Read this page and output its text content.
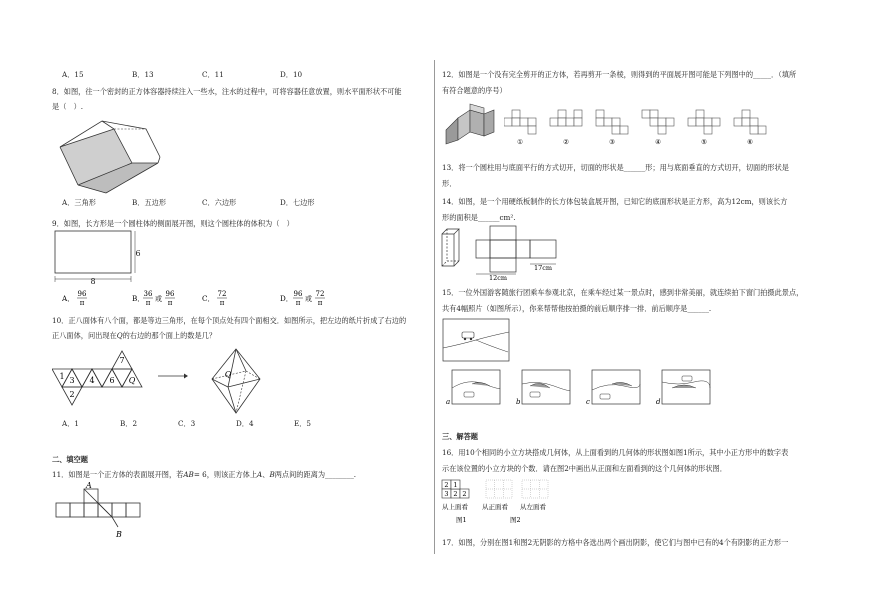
A．15	B．13	C．11	D．10
8．如图，往一个密封的正方体容器持续注入一些水，注水的过程中，可将容器任意放置，则水平面形状不可能
是（　）.
A．三角形	B．五边形	C．六边形	D．七边形
9．如图，长方形是一个圆柱体的侧面展开图，则这个圆柱体的体积为（　）
8
6
A． 96
π	B． 36
π 或
96
π	C． 72
π	D． 96
π 或
72
π
10．正八面体有八个面，都是等边三角形，在每个顶点处有四个面相交．如图所示，把左边的纸片折成了右边的
正八面体，问出现在Q的右边的那个面上的数是几？
7
1 3 4 6 Q
2
Q
A．1	B．2	C．3	D．4	E．5
二、填空题
11．如图是一个正方体的表面展开图，若AB= 6，则该正方体上A、B两点间的距离为________.
A
B
12．如图是一个没有完全剪开的正方体，若再剪开一条棱，则得到的平面展开图可能是下列图中的_____．（填所
有符合题意的序号）
①	②	③	④	⑤	⑥
13．将一个圆柱用与底面平行的方式切开，切面的形状是______形；用与底面垂直的方式切开，切面的形状是
形．
14．如图，是一个用硬纸板制作的长方体包装盒展开图，已知它的底面形状是正方形，高为12cm，则该长方
形的面积是______cm².
12cm
17cm
15．一位外国游客随旅行团乘车参观北京，在乘车经过某一景点时，感到非常美丽，就连续拍下窗门拍摄此景点，
共有4幅照片（如图所示），你来帮帮他按拍摄的前后顺序排一排．前后顺序是______.
a	b	c	d
三、解答题
16．用10个相同的小立方块搭成几何体，从上面看到的几何体的形状图如图1所示，其中小正方形中的数字表
示在该位置的小立方块的个数．请在图2中画出从正面和左面看到的这个几何体的形状图．
2 1
3 2 2
从上面看 从正面看 从左面看
图1	图2
17．如图，分别在图1和图2无阴影的方格中各选出两个画出阴影，使它们与图中已有的4个有阴影的正方形一
